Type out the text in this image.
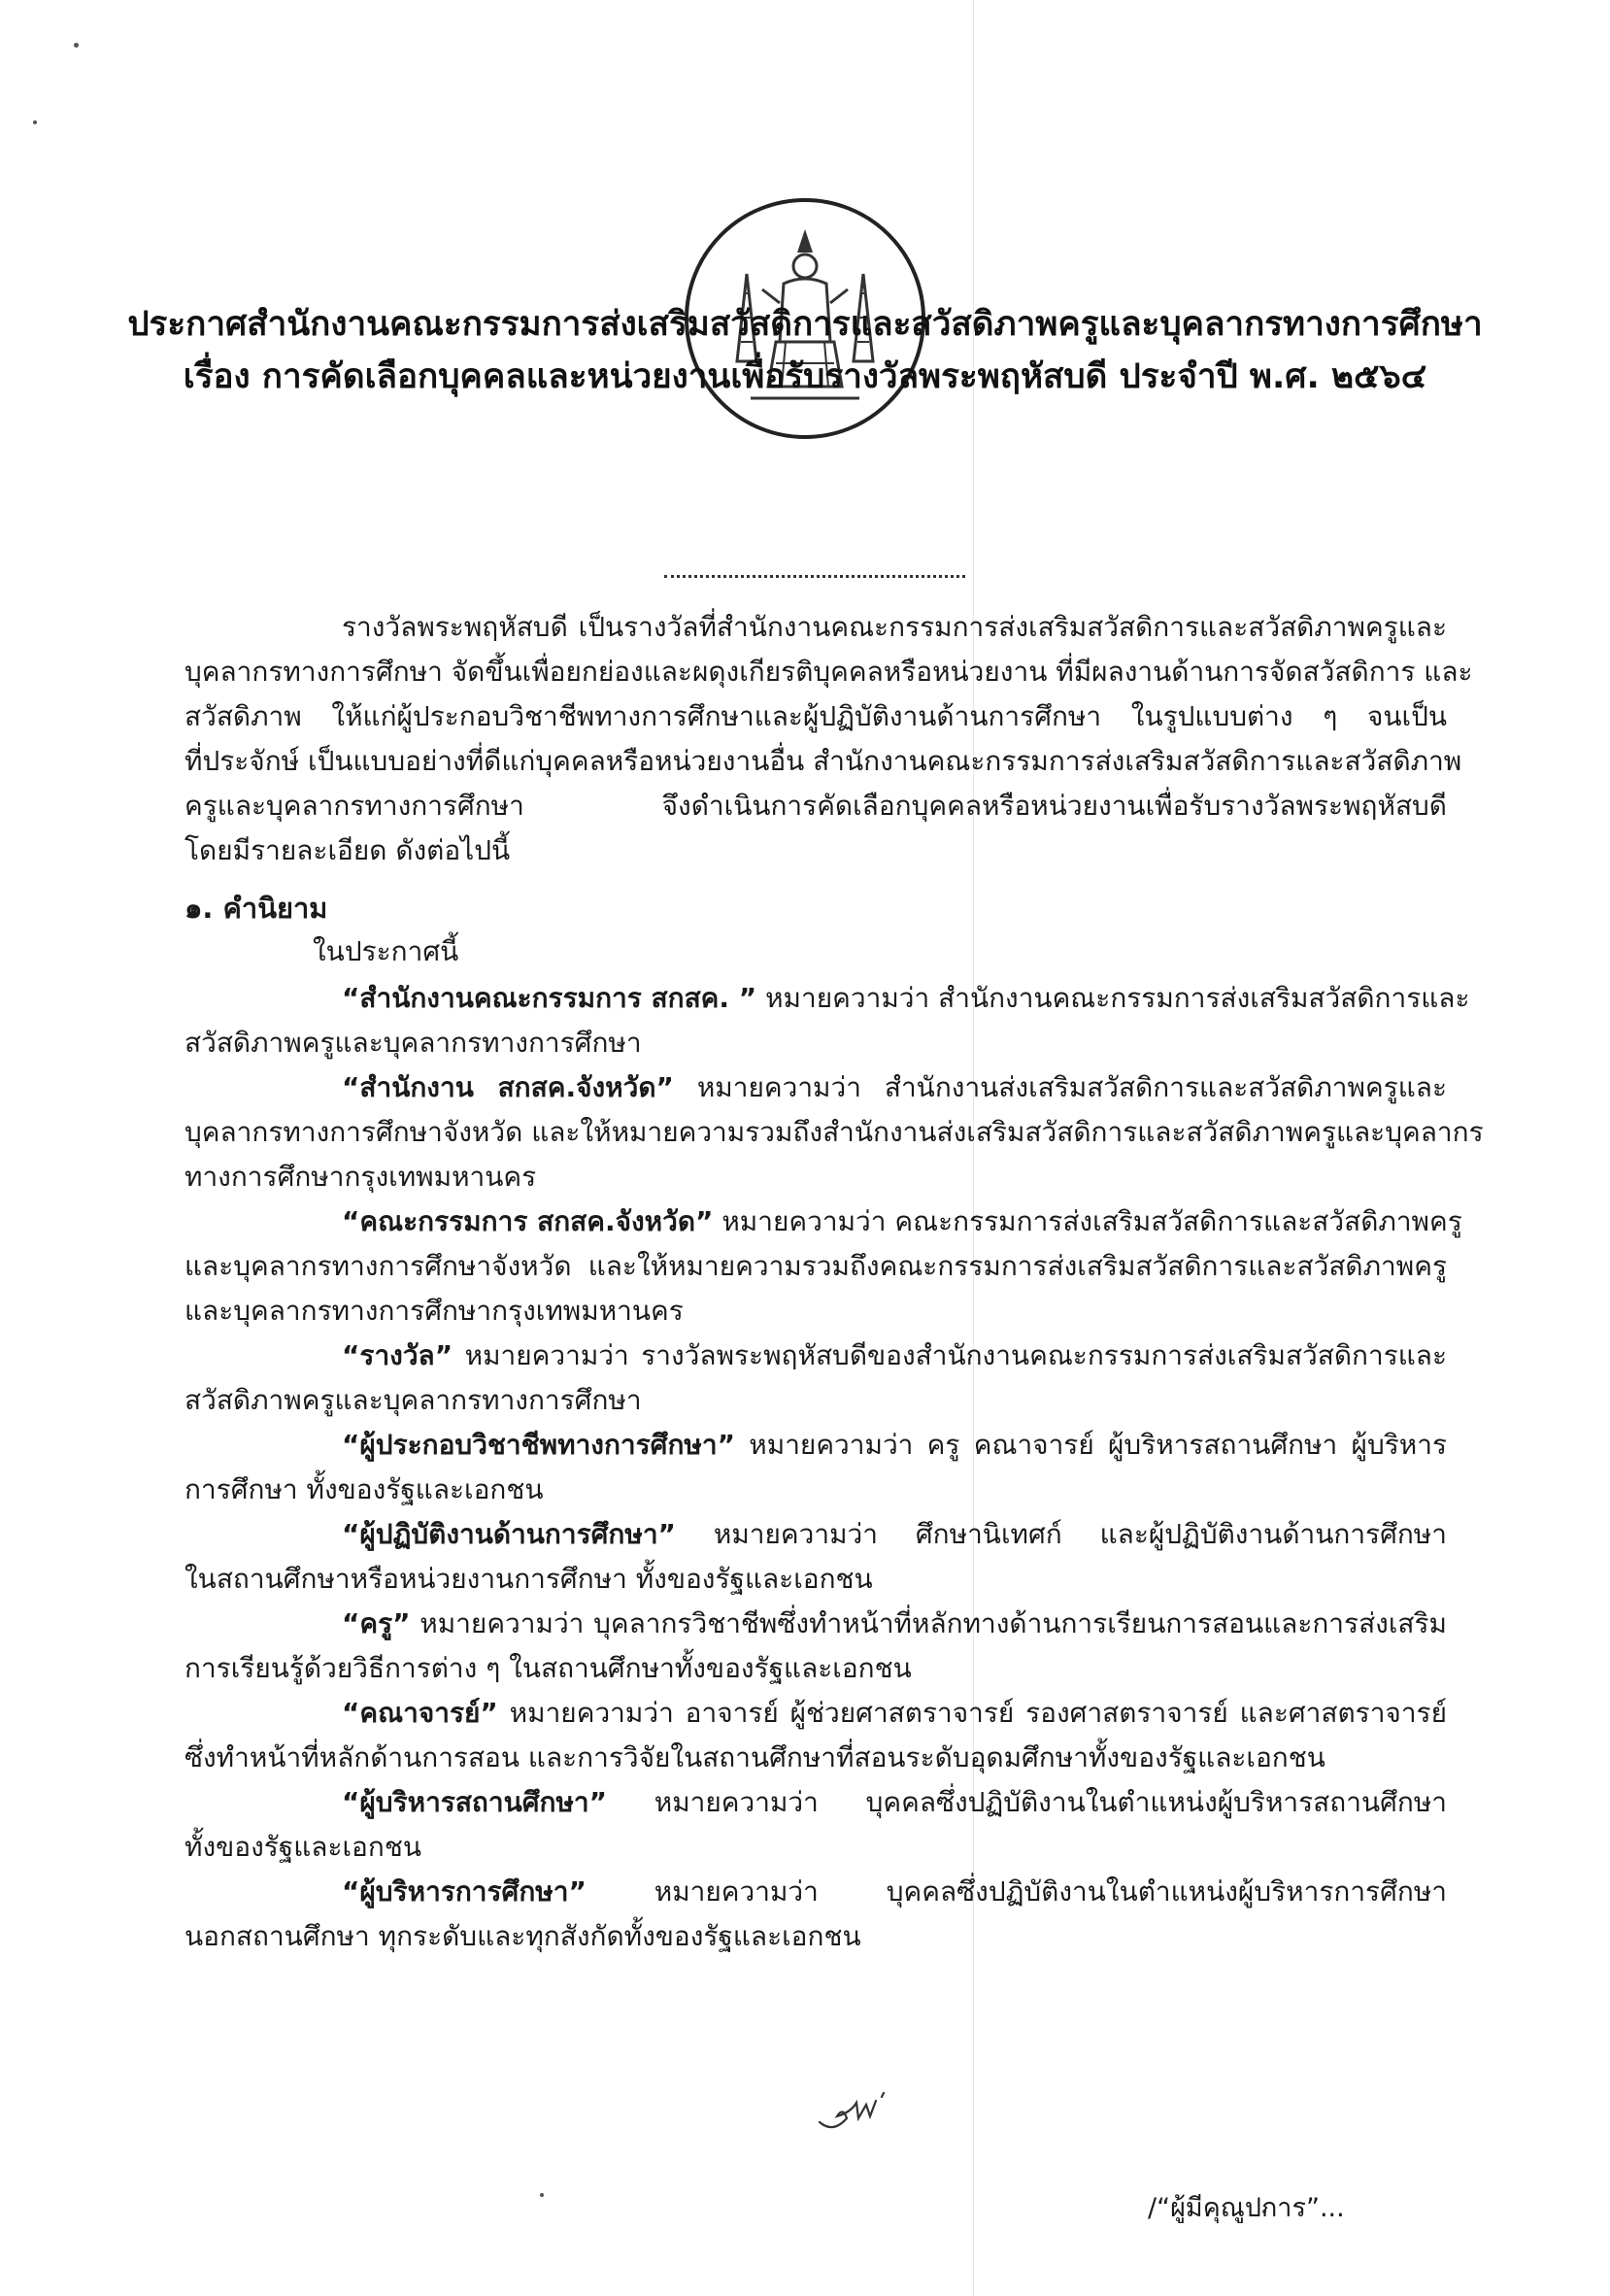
ประกาศสำนักงานคณะกรรมการส่งเสริมสวัสดิการและสวัสดิภาพครูและบุคลากรทางการศึกษา
เรื่อง การคัดเลือกบุคคลและหน่วยงานเพื่อรับรางวัลพระพฤหัสบดี ประจำปี พ.ศ. ๒๕๖๔
รางวัลพระพฤหัสบดี เป็นรางวัลที่สำนักงานคณะกรรมการส่งเสริมสวัสดิการและสวัสดิภาพครูและ
บุคลากรทางการศึกษา จัดขึ้นเพื่อยกย่องและผดุงเกียรติบุคคลหรือหน่วยงาน ที่มีผลงานด้านการจัดสวัสดิการ และ
สวัสดิภาพ ให้แก่ผู้ประกอบวิชาชีพทางการศึกษาและผู้ปฏิบัติงานด้านการศึกษา ในรูปแบบต่าง ๆ จนเป็น
ที่ประจักษ์ เป็นแบบอย่างที่ดีแก่บุคคลหรือหน่วยงานอื่น สำนักงานคณะกรรมการส่งเสริมสวัสดิการและสวัสดิภาพ
ครูและบุคลากรทางการศึกษา จึงดำเนินการคัดเลือกบุคคลหรือหน่วยงานเพื่อรับรางวัลพระพฤหัสบดี
โดยมีรายละเอียด ดังต่อไปนี้
๑. คำนิยาม
ในประกาศนี้
“สำนักงานคณะกรรมการ สกสค. ” หมายความว่า สำนักงานคณะกรรมการส่งเสริมสวัสดิการและ
สวัสดิภาพครูและบุคลากรทางการศึกษา
“สำนักงาน สกสค.จังหวัด” หมายความว่า สำนักงานส่งเสริมสวัสดิการและสวัสดิภาพครูและ
บุคลากรทางการศึกษาจังหวัด และให้หมายความรวมถึงสำนักงานส่งเสริมสวัสดิการและสวัสดิภาพครูและบุคลากร
ทางการศึกษากรุงเทพมหานคร
“คณะกรรมการ สกสค.จังหวัด” หมายความว่า คณะกรรมการส่งเสริมสวัสดิการและสวัสดิภาพครู
และบุคลากรทางการศึกษาจังหวัด และให้หมายความรวมถึงคณะกรรมการส่งเสริมสวัสดิการและสวัสดิภาพครู
และบุคลากรทางการศึกษากรุงเทพมหานคร
“รางวัล” หมายความว่า รางวัลพระพฤหัสบดีของสำนักงานคณะกรรมการส่งเสริมสวัสดิการและ
สวัสดิภาพครูและบุคลากรทางการศึกษา
“ผู้ประกอบวิชาชีพทางการศึกษา” หมายความว่า ครู คณาจารย์ ผู้บริหารสถานศึกษา ผู้บริหาร
การศึกษา ทั้งของรัฐและเอกชน
“ผู้ปฏิบัติงานด้านการศึกษา” หมายความว่า ศึกษานิเทศก์ และผู้ปฏิบัติงานด้านการศึกษา
ในสถานศึกษาหรือหน่วยงานการศึกษา ทั้งของรัฐและเอกชน
“ครู” หมายความว่า บุคลากรวิชาชีพซึ่งทำหน้าที่หลักทางด้านการเรียนการสอนและการส่งเสริม
การเรียนรู้ด้วยวิธีการต่าง ๆ ในสถานศึกษาทั้งของรัฐและเอกชน
“คณาจารย์” หมายความว่า อาจารย์ ผู้ช่วยศาสตราจารย์ รองศาสตราจารย์ และศาสตราจารย์
ซึ่งทำหน้าที่หลักด้านการสอน และการวิจัยในสถานศึกษาที่สอนระดับอุดมศึกษาทั้งของรัฐและเอกชน
“ผู้บริหารสถานศึกษา” หมายความว่า บุคคลซึ่งปฏิบัติงานในตำแหน่งผู้บริหารสถานศึกษา
ทั้งของรัฐและเอกชน
“ผู้บริหารการศึกษา” หมายความว่า บุคคลซึ่งปฏิบัติงานในตำแหน่งผู้บริหารการศึกษา
นอกสถานศึกษา ทุกระดับและทุกสังกัดทั้งของรัฐและเอกชน
/“ผู้มีคุณูปการ”...
